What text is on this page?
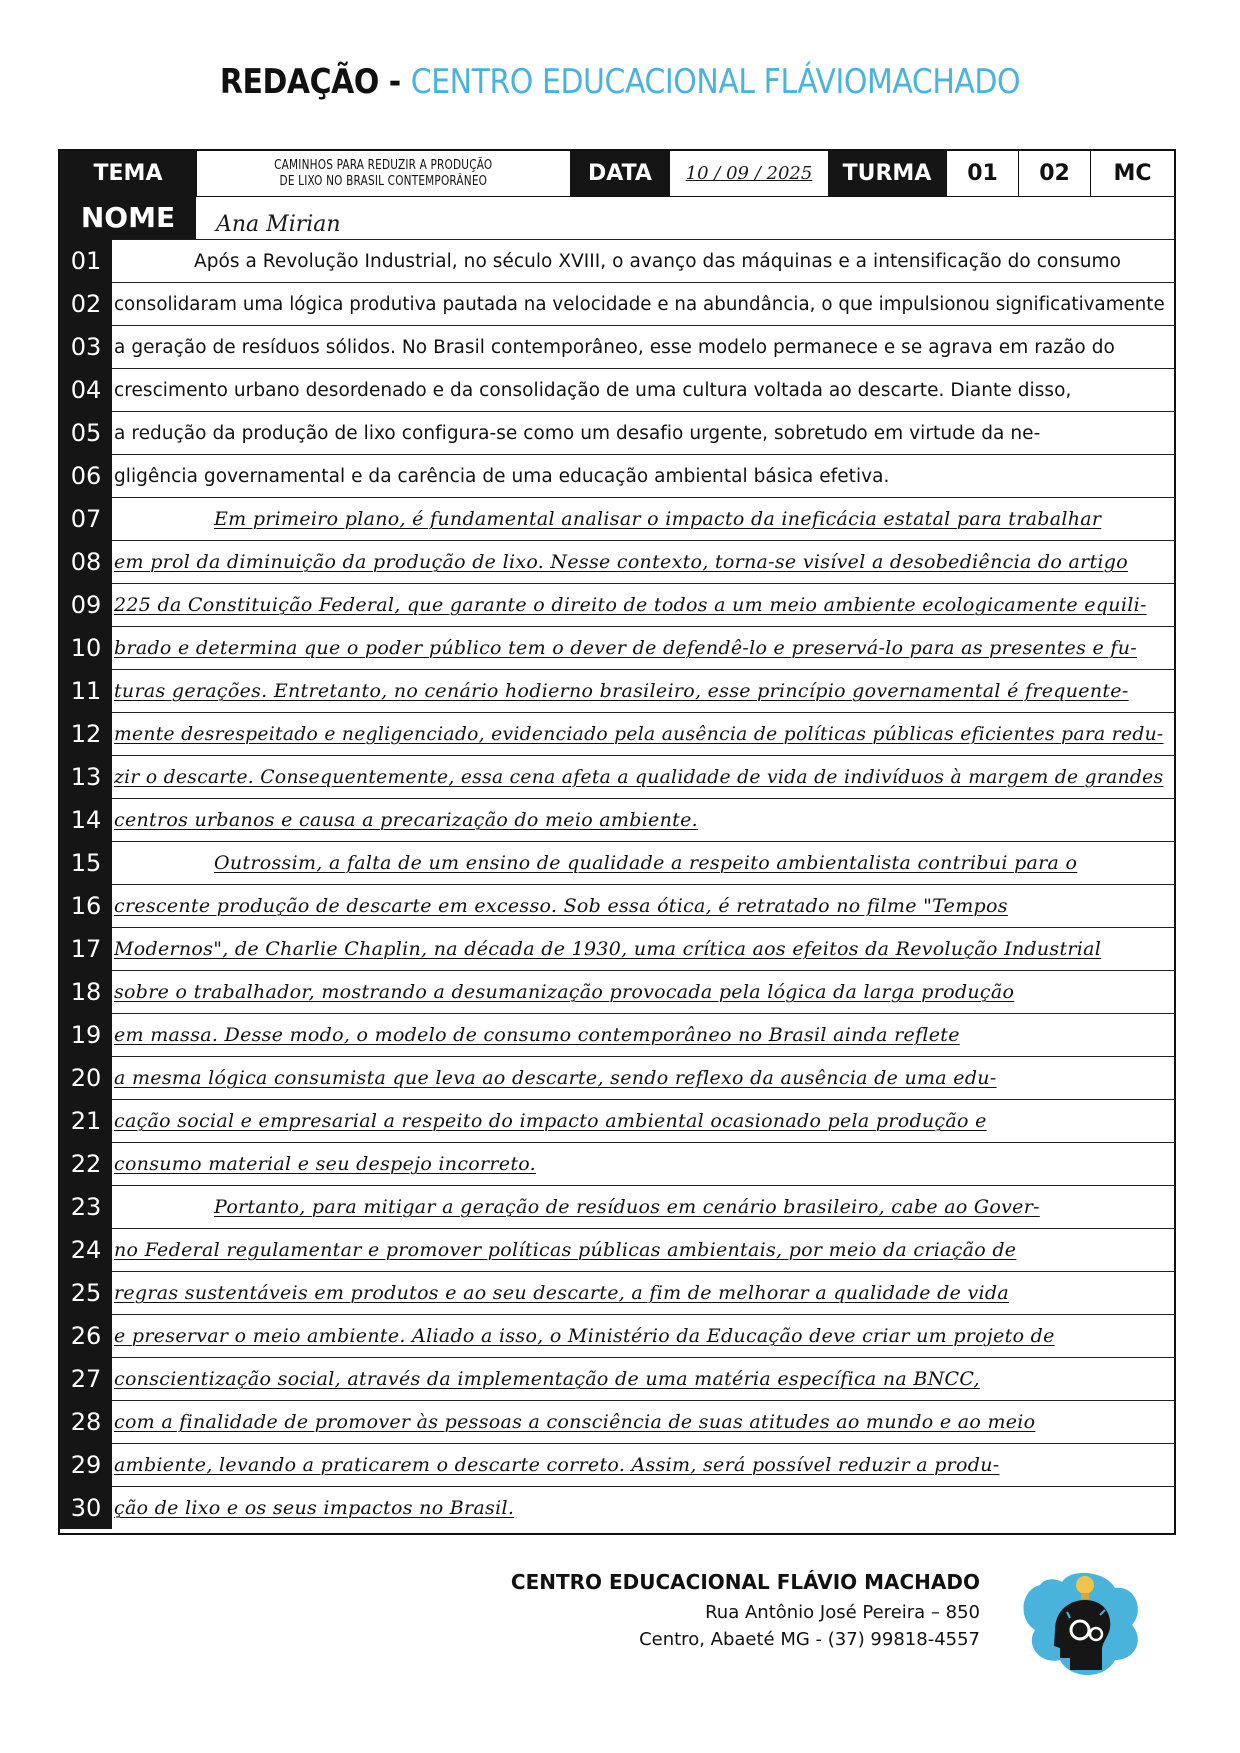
REDAÇÃO - CENTRO EDUCACIONAL FLÁVIOMACHADO
TEMA	CAMINHOS PARA REDUZIR A PRODUÇÃO
DE LIXO NO BRASIL CONTEMPORÂNEO	DATA	10 / 09 / 2025	TURMA	01	02	MC
NOME	Ana Mirian
01	Após a Revolução Industrial, no século XVIII, o avanço das máquinas e a intensificação do consumo
02 consolidaram uma lógica produtiva pautada na velocidade e na abundância, o que impulsionou significativamente
03 a geração de resíduos sólidos. No Brasil contemporâneo, esse modelo permanece e se agrava em razão do
04 crescimento urbano desordenado e da consolidação de uma cultura voltada ao descarte. Diante disso,
05 a redução da produção de lixo configura-se como um desafio urgente, sobretudo em virtude da ne-
06 gligência governamental e da carência de uma educação ambiental básica efetiva.
07	Em primeiro plano, é fundamental analisar o impacto da ineficácia estatal para trabalhar
08 em prol da diminuição da produção de lixo. Nesse contexto, torna-se visível a desobediência do artigo
09 225 da Constituição Federal, que garante o direito de todos a um meio ambiente ecologicamente equili-
10 brado e determina que o poder público tem o dever de defendê-lo e preservá-lo para as presentes e fu-
11 turas gerações. Entretanto, no cenário hodierno brasileiro, esse princípio governamental é frequente-
12 mente desrespeitado e negligenciado, evidenciado pela ausência de políticas públicas eficientes para redu-
13 zir o descarte. Consequentemente, essa cena afeta a qualidade de vida de indivíduos à margem de grandes
14 centros urbanos e causa a precarização do meio ambiente.
15	Outrossim, a falta de um ensino de qualidade a respeito ambientalista contribui para o
16 crescente produção de descarte em excesso. Sob essa ótica, é retratado no filme "Tempos
17 Modernos", de Charlie Chaplin, na década de 1930, uma crítica aos efeitos da Revolução Industrial
18 sobre o trabalhador, mostrando a desumanização provocada pela lógica da larga produção
19 em massa. Desse modo, o modelo de consumo contemporâneo no Brasil ainda reflete
20 a mesma lógica consumista que leva ao descarte, sendo reflexo da ausência de uma edu-
21 cação social e empresarial a respeito do impacto ambiental ocasionado pela produção e
22 consumo material e seu despejo incorreto.
23	Portanto, para mitigar a geração de resíduos em cenário brasileiro, cabe ao Gover-
24 no Federal regulamentar e promover políticas públicas ambientais, por meio da criação de
25 regras sustentáveis em produtos e ao seu descarte, a fim de melhorar a qualidade de vida
26 e preservar o meio ambiente. Aliado a isso, o Ministério da Educação deve criar um projeto de
27 conscientização social, através da implementação de uma matéria específica na BNCC,
28 com a finalidade de promover às pessoas a consciência de suas atitudes ao mundo e ao meio
29 ambiente, levando a praticarem o descarte correto. Assim, será possível reduzir a produ-
30 ção de lixo e os seus impactos no Brasil.
CENTRO EDUCACIONAL FLÁVIO MACHADO
Rua Antônio José Pereira – 850
Centro, Abaeté MG - (37) 99818-4557
